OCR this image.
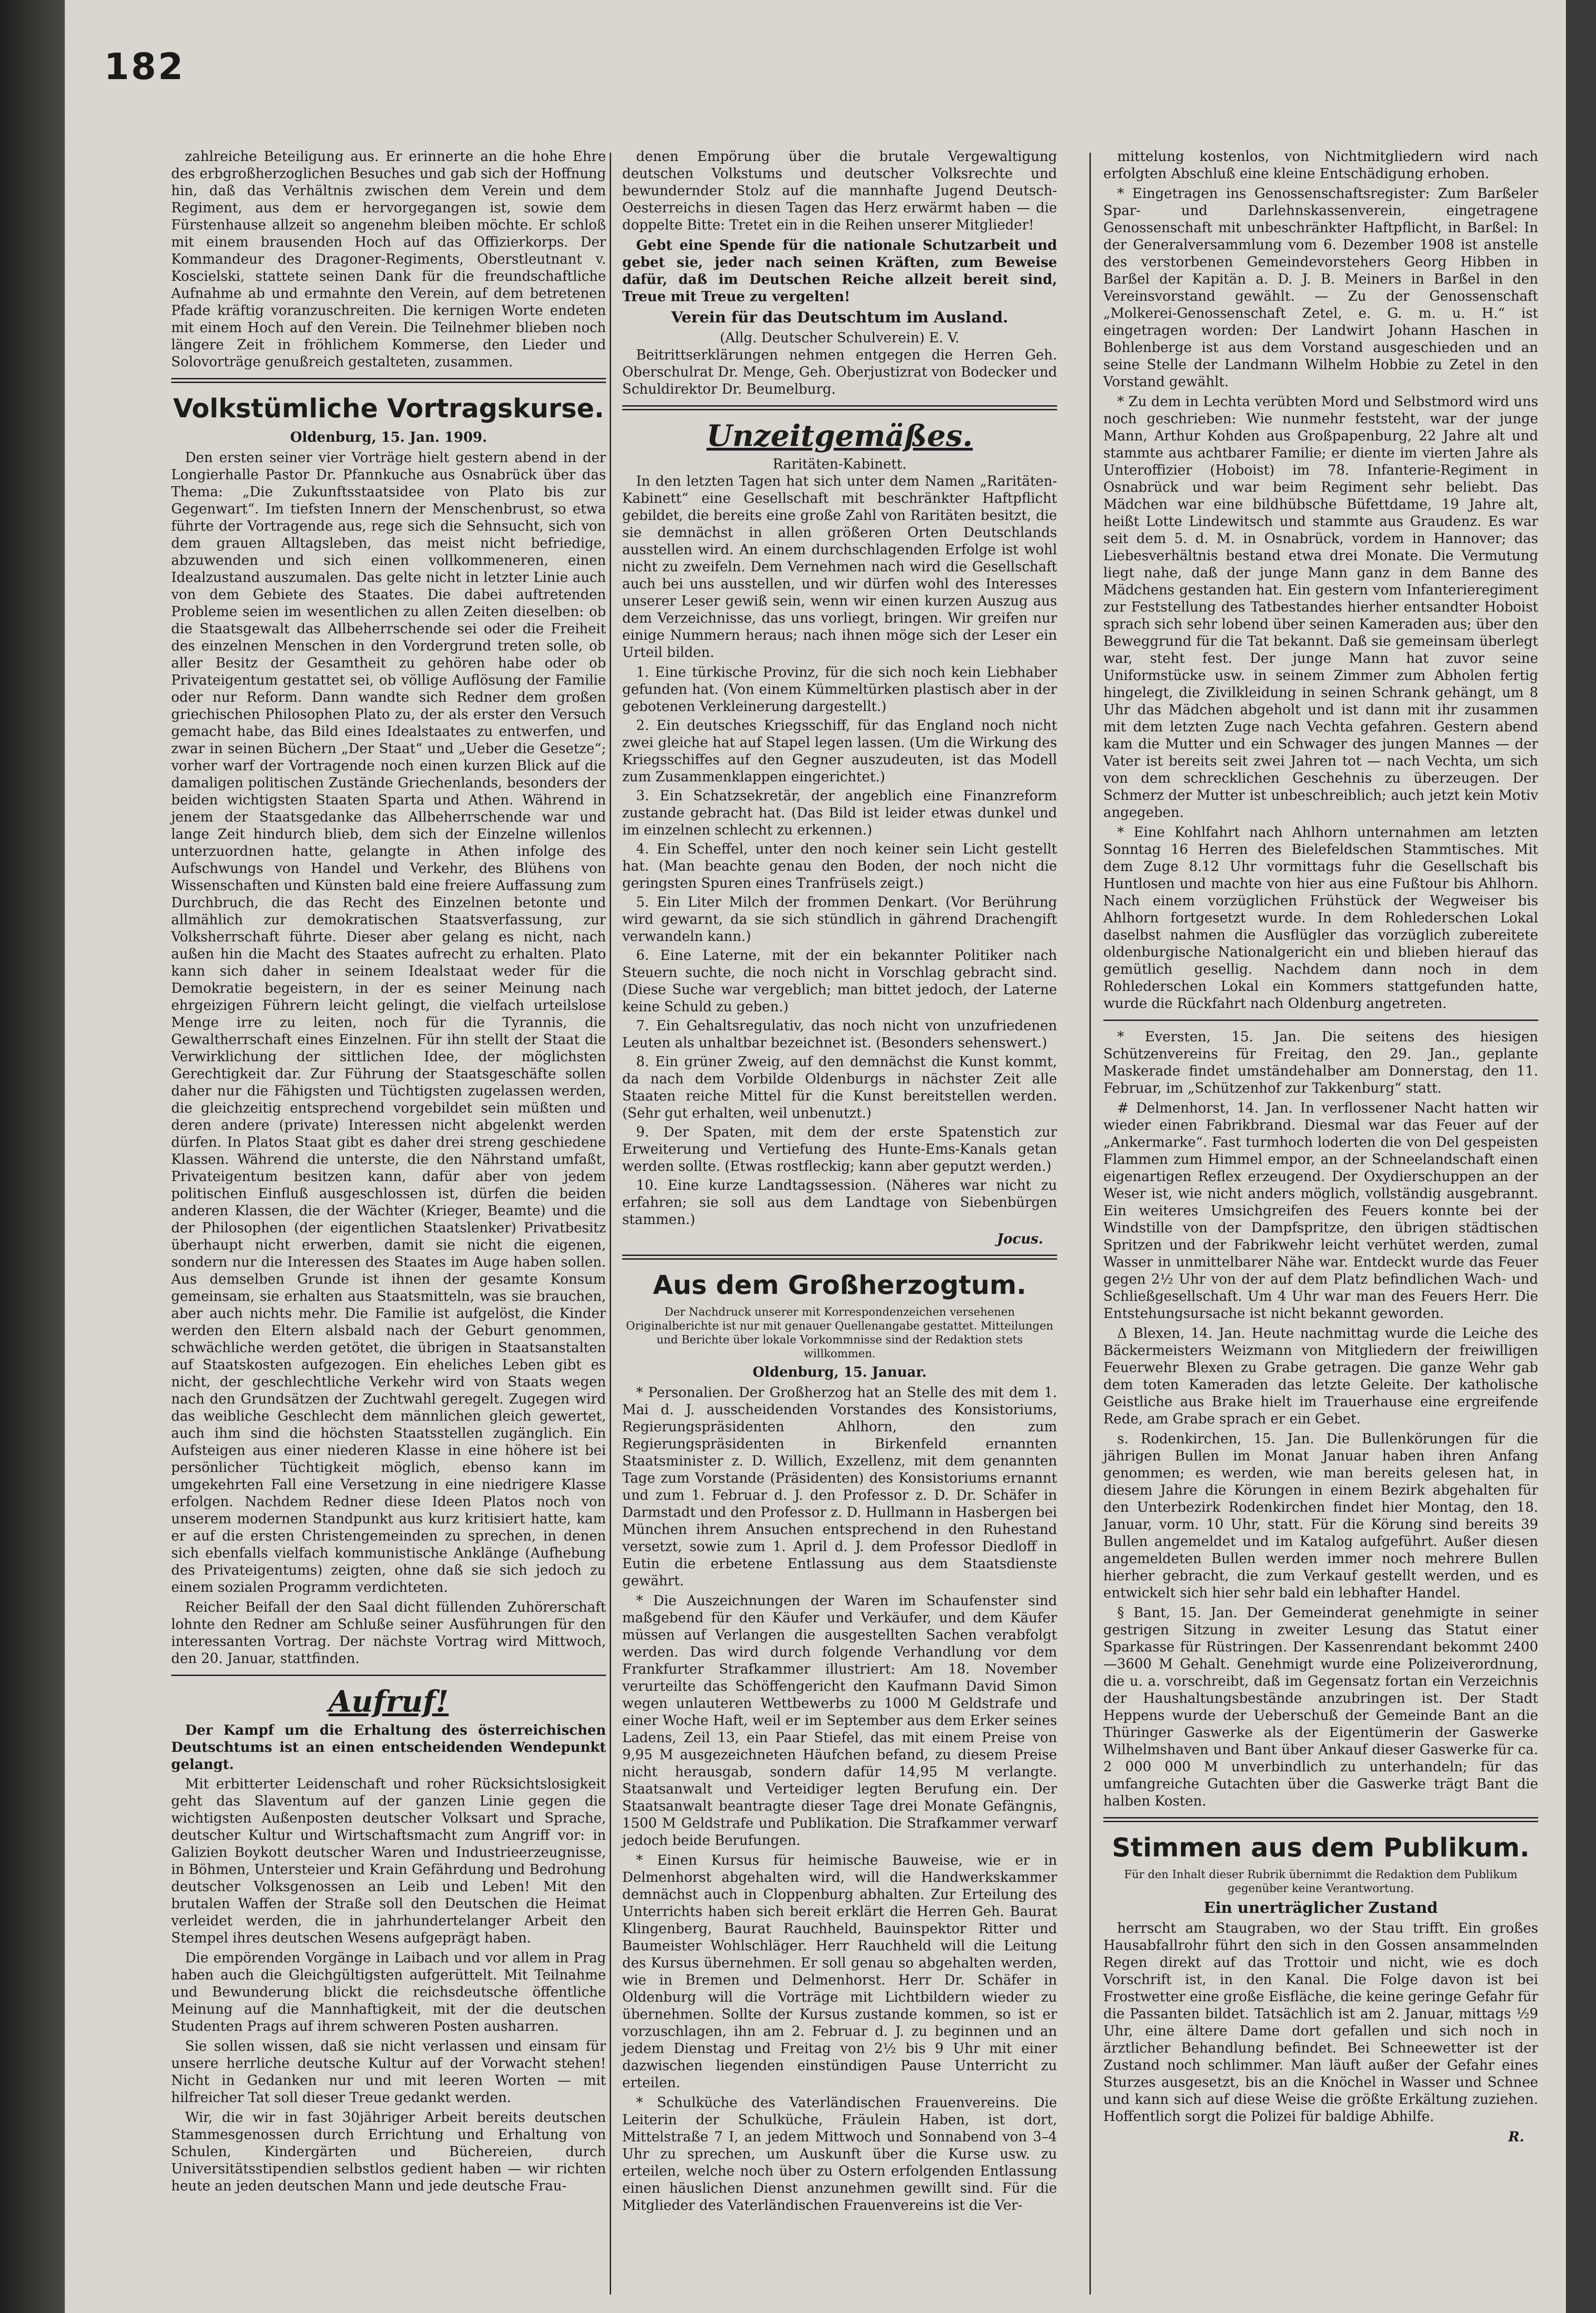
182

zahlreiche Beteiligung aus. Er erinnerte an die hohe Ehre des erbgroßherzoglichen Besuches und gab sich der Hoffnung hin, daß das Verhältnis zwischen dem Verein und dem Regiment, aus dem er hervorgegangen ist, sowie dem Fürstenhause allzeit so angenehm bleiben möchte. Er schloß mit einem brausenden Hoch auf das Offizierkorps. Der Kommandeur des Dragoner-Regiments, Oberstleutnant v. Koscielski, stattete seinen Dank für die freundschaftliche Aufnahme ab und ermahnte den Verein, auf dem betretenen Pfade kräftig voranzuschreiten. Die kernigen Worte endeten mit einem Hoch auf den Verein. Die Teilnehmer blieben noch längere Zeit in fröhlichem Kommerse, den Lieder und Solovorträge genußreich gestalteten, zusammen.

Volkstümliche Vortragskurse.
Oldenburg, 15. Jan. 1909.

Den ersten seiner vier Vorträge hielt gestern abend in der Longierhalle Pastor Dr. Pfannkuche aus Osnabrück über das Thema: „Die Zukunftsstaatsidee von Plato bis zur Gegenwart“. Im tiefsten Innern der Menschenbrust, so etwa führte der Vortragende aus, rege sich die Sehnsucht, sich von dem grauen Alltagsleben, das meist nicht befriedige, abzuwenden und sich einen vollkommeneren, einen Idealzustand auszumalen. Das gelte nicht in letzter Linie auch von dem Gebiete des Staates. Die dabei auftretenden Probleme seien im wesentlichen zu allen Zeiten dieselben: ob die Staatsgewalt das Allbeherrschende sei oder die Freiheit des einzelnen Menschen in den Vordergrund treten solle, ob aller Besitz der Gesamtheit zu gehören habe oder ob Privateigentum gestattet sei, ob völlige Auflösung der Familie oder nur Reform. Dann wandte sich Redner dem großen griechischen Philosophen Plato zu, der als erster den Versuch gemacht habe, das Bild eines Idealstaates zu entwerfen, und zwar in seinen Büchern „Der Staat“ und „Ueber die Gesetze“; vorher warf der Vortragende noch einen kurzen Blick auf die damaligen politischen Zustände Griechenlands, besonders der beiden wichtigsten Staaten Sparta und Athen. Während in jenem der Staatsgedanke das Allbeherrschende war und lange Zeit hindurch blieb, dem sich der Einzelne willenlos unterzuordnen hatte, gelangte in Athen infolge des Aufschwungs von Handel und Verkehr, des Blühens von Wissenschaften und Künsten bald eine freiere Auffassung zum Durchbruch, die das Recht des Einzelnen betonte und allmählich zur demokratischen Staatsverfassung, zur Volksherrschaft führte. Dieser aber gelang es nicht, nach außen hin die Macht des Staates aufrecht zu erhalten. Plato kann sich daher in seinem Idealstaat weder für die Demokratie begeistern, in der es seiner Meinung nach ehrgeizigen Führern leicht gelingt, die vielfach urteilslose Menge irre zu leiten, noch für die Tyrannis, die Gewaltherrschaft eines Einzelnen. Für ihn stellt der Staat die Verwirklichung der sittlichen Idee, der möglichsten Gerechtigkeit dar. Zur Führung der Staatsgeschäfte sollen daher nur die Fähigsten und Tüchtigsten zugelassen werden, die gleichzeitig entsprechend vorgebildet sein müßten und deren andere (private) Interessen nicht abgelenkt werden dürfen. In Platos Staat gibt es daher drei streng geschiedene Klassen. Während die unterste, die den Nährstand umfaßt, Privateigentum besitzen kann, dafür aber von jedem politischen Einfluß ausgeschlossen ist, dürfen die beiden anderen Klassen, die der Wächter (Krieger, Beamte) und die der Philosophen (der eigentlichen Staatslenker) Privatbesitz überhaupt nicht erwerben, damit sie nicht die eigenen, sondern nur die Interessen des Staates im Auge haben sollen. Aus demselben Grunde ist ihnen der gesamte Konsum gemeinsam, sie erhalten aus Staatsmitteln, was sie brauchen, aber auch nichts mehr. Die Familie ist aufgelöst, die Kinder werden den Eltern alsbald nach der Geburt genommen, schwächliche werden getötet, die übrigen in Staatsanstalten auf Staatskosten aufgezogen. Ein eheliches Leben gibt es nicht, der geschlechtliche Verkehr wird von Staats wegen nach den Grundsätzen der Zuchtwahl geregelt. Zugegen wird das weibliche Geschlecht dem männlichen gleich gewertet, auch ihm sind die höchsten Staatsstellen zugänglich. Ein Aufsteigen aus einer niederen Klasse in eine höhere ist bei persönlicher Tüchtigkeit möglich, ebenso kann im umgekehrten Fall eine Versetzung in eine niedrigere Klasse erfolgen. Nachdem Redner diese Ideen Platos noch von unserem modernen Standpunkt aus kurz kritisiert hatte, kam er auf die ersten Christengemeinden zu sprechen, in denen sich ebenfalls vielfach kommunistische Anklänge (Aufhebung des Privateigentums) zeigten, ohne daß sie sich jedoch zu einem sozialen Programm verdichteten.

Reicher Beifall der den Saal dicht füllenden Zuhörerschaft lohnte den Redner am Schluße seiner Ausführungen für den interessanten Vortrag. Der nächste Vortrag wird Mittwoch, den 20. Januar, stattfinden.

Aufruf!

Der Kampf um die Erhaltung des österreichischen Deutschtums ist an einen entscheidenden Wendepunkt gelangt.

Mit erbitterter Leidenschaft und roher Rücksichtslosigkeit geht das Slaventum auf der ganzen Linie gegen die wichtigsten Außenposten deutscher Volksart und Sprache, deutscher Kultur und Wirtschaftsmacht zum Angriff vor: in Galizien Boykott deutscher Waren und Industrieerzeugnisse, in Böhmen, Untersteier und Krain Gefährdung und Bedrohung deutscher Volksgenossen an Leib und Leben! Mit den brutalen Waffen der Straße soll den Deutschen die Heimat verleidet werden, die in jahrhundertelanger Arbeit den Stempel ihres deutschen Wesens aufgeprägt haben.

Die empörenden Vorgänge in Laibach und vor allem in Prag haben auch die Gleichgültigsten aufgerüttelt. Mit Teilnahme und Bewunderung blickt die reichsdeutsche öffentliche Meinung auf die Mannhaftigkeit, mit der die deutschen Studenten Prags auf ihrem schweren Posten ausharren.

Sie sollen wissen, daß sie nicht verlassen und einsam für unsere herrliche deutsche Kultur auf der Vorwacht stehen! Nicht in Gedanken nur und mit leeren Worten — mit hilfreicher Tat soll dieser Treue gedankt werden.

Wir, die wir in fast 30jähriger Arbeit bereits deutschen Stammesgenossen durch Errichtung und Erhaltung von Schulen, Kindergärten und Büchereien, durch Universitätsstipendien selbstlos gedient haben — wir richten heute an jeden deutschen Mann und jede deutsche Frau-

denen Empörung über die brutale Vergewaltigung deutschen Volkstums und deutscher Volksrechte und bewundernder Stolz auf die mannhafte Jugend Deutsch-Oesterreichs in diesen Tagen das Herz erwärmt haben — die doppelte Bitte: Tretet ein in die Reihen unserer Mitglieder!

Gebt eine Spende für die nationale Schutzarbeit und gebet sie, jeder nach seinen Kräften, zum Beweise dafür, daß im Deutschen Reiche allzeit bereit sind, Treue mit Treue zu vergelten!

Verein für das Deutschtum im Ausland.
(Allg. Deutscher Schulverein) E. V.

Beitrittserklärungen nehmen entgegen die Herren Geh. Oberschulrat Dr. Menge, Geh. Oberjustizrat von Bodecker und Schuldirektor Dr. Beumelburg.

Unzeitgemäßes.
Raritäten-Kabinett.

In den letzten Tagen hat sich unter dem Namen „Raritäten-Kabinett“ eine Gesellschaft mit beschränkter Haftpflicht gebildet, die bereits eine große Zahl von Raritäten besitzt, die sie demnächst in allen größeren Orten Deutschlands ausstellen wird. An einem durchschlagenden Erfolge ist wohl nicht zu zweifeln. Dem Vernehmen nach wird die Gesellschaft auch bei uns ausstellen, und wir dürfen wohl des Interesses unserer Leser gewiß sein, wenn wir einen kurzen Auszug aus dem Verzeichnisse, das uns vorliegt, bringen. Wir greifen nur einige Nummern heraus; nach ihnen möge sich der Leser ein Urteil bilden.

1. Eine türkische Provinz, für die sich noch kein Liebhaber gefunden hat. (Von einem Kümmeltürken plastisch aber in der gebotenen Verkleinerung dargestellt.)

2. Ein deutsches Kriegsschiff, für das England noch nicht zwei gleiche hat auf Stapel legen lassen. (Um die Wirkung des Kriegsschiffes auf den Gegner auszudeuten, ist das Modell zum Zusammenklappen eingerichtet.)

3. Ein Schatzsekretär, der angeblich eine Finanzreform zustande gebracht hat. (Das Bild ist leider etwas dunkel und im einzelnen schlecht zu erkennen.)

4. Ein Scheffel, unter den noch keiner sein Licht gestellt hat. (Man beachte genau den Boden, der noch nicht die geringsten Spuren eines Tranfrüsels zeigt.)

5. Ein Liter Milch der frommen Denkart. (Vor Berührung wird gewarnt, da sie sich stündlich in gährend Drachengift verwandeln kann.)

6. Eine Laterne, mit der ein bekannter Politiker nach Steuern suchte, die noch nicht in Vorschlag gebracht sind. (Diese Suche war vergeblich; man bittet jedoch, der Laterne keine Schuld zu geben.)

7. Ein Gehaltsregulativ, das noch nicht von unzufriedenen Leuten als unhaltbar bezeichnet ist. (Besonders sehenswert.)

8. Ein grüner Zweig, auf den demnächst die Kunst kommt, da nach dem Vorbilde Oldenburgs in nächster Zeit alle Staaten reiche Mittel für die Kunst bereitstellen werden. (Sehr gut erhalten, weil unbenutzt.)

9. Der Spaten, mit dem der erste Spatenstich zur Erweiterung und Vertiefung des Hunte-Ems-Kanals getan werden sollte. (Etwas rostfleckig; kann aber geputzt werden.)

10. Eine kurze Landtagssession. (Näheres war nicht zu erfahren; sie soll aus dem Landtage von Siebenbürgen stammen.)

Jocus.
Aus dem Großherzogtum.

Der Nachdruck unserer mit Korrespondenzeichen versehenen Originalberichte ist nur mit genauer Quellenangabe gestattet. Mitteilungen und Berichte über lokale Vorkommnisse sind der Redaktion stets willkommen.

Oldenburg, 15. Januar.

* Personalien. Der Großherzog hat an Stelle des mit dem 1. Mai d. J. ausscheidenden Vorstandes des Konsistoriums, Regierungspräsidenten Ahlhorn, den zum Regierungspräsidenten in Birkenfeld ernannten Staatsminister z. D. Willich, Exzellenz, mit dem genannten Tage zum Vorstande (Präsidenten) des Konsistoriums ernannt und zum 1. Februar d. J. den Professor z. D. Dr. Schäfer in Darmstadt und den Professor z. D. Hullmann in Hasbergen bei München ihrem Ansuchen entsprechend in den Ruhestand versetzt, sowie zum 1. April d. J. dem Professor Diedloff in Eutin die erbetene Entlassung aus dem Staatsdienste gewährt.

* Die Auszeichnungen der Waren im Schaufenster sind maßgebend für den Käufer und Verkäufer, und dem Käufer müssen auf Verlangen die ausgestellten Sachen verabfolgt werden. Das wird durch folgende Verhandlung vor dem Frankfurter Strafkammer illustriert: Am 18. November verurteilte das Schöffengericht den Kaufmann David Simon wegen unlauteren Wettbewerbs zu 1000 M Geldstrafe und einer Woche Haft, weil er im September aus dem Erker seines Ladens, Zeil 13, ein Paar Stiefel, das mit einem Preise von 9,95 M ausgezeichneten Häufchen befand, zu diesem Preise nicht herausgab, sondern dafür 14,95 M verlangte. Staatsanwalt und Verteidiger legten Berufung ein. Der Staatsanwalt beantragte dieser Tage drei Monate Gefängnis, 1500 M Geldstrafe und Publikation. Die Strafkammer verwarf jedoch beide Berufungen.

* Einen Kursus für heimische Bauweise, wie er in Delmenhorst abgehalten wird, will die Handwerkskammer demnächst auch in Cloppenburg abhalten. Zur Erteilung des Unterrichts haben sich bereit erklärt die Herren Geh. Baurat Klingenberg, Baurat Rauchheld, Bauinspektor Ritter und Baumeister Wohlschläger. Herr Rauchheld will die Leitung des Kursus übernehmen. Er soll genau so abgehalten werden, wie in Bremen und Delmenhorst. Herr Dr. Schäfer in Oldenburg will die Vorträge mit Lichtbildern wieder zu übernehmen. Sollte der Kursus zustande kommen, so ist er vorzuschlagen, ihn am 2. Februar d. J. zu beginnen und an jedem Dienstag und Freitag von 2½ bis 9 Uhr mit einer dazwischen liegenden einstündigen Pause Unterricht zu erteilen.

* Schulküche des Vaterländischen Frauenvereins. Die Leiterin der Schulküche, Fräulein Haben, ist dort, Mittelstraße 7 I, an jedem Mittwoch und Sonnabend von 3–4 Uhr zu sprechen, um Auskunft über die Kurse usw. zu erteilen, welche noch über zu Ostern erfolgenden Entlassung einen häuslichen Dienst anzunehmen gewillt sind. Für die Mitglieder des Vaterländischen Frauenvereins ist die Ver-

mittelung kostenlos, von Nichtmitgliedern wird nach erfolgten Abschluß eine kleine Entschädigung erhoben.

* Eingetragen ins Genossenschaftsregister: Zum Barßeler Spar- und Darlehnskassenverein, eingetragene Genossenschaft mit unbeschränkter Haftpflicht, in Barßel: In der Generalversammlung vom 6. Dezember 1908 ist anstelle des verstorbenen Gemeindevorstehers Georg Hibben in Barßel der Kapitän a. D. J. B. Meiners in Barßel in den Vereinsvorstand gewählt. — Zu der Genossenschaft „Molkerei-Genossenschaft Zetel, e. G. m. u. H.“ ist eingetragen worden: Der Landwirt Johann Haschen in Bohlenberge ist aus dem Vorstand ausgeschieden und an seine Stelle der Landmann Wilhelm Hobbie zu Zetel in den Vorstand gewählt.

* Zu dem in Lechta verübten Mord und Selbstmord wird uns noch geschrieben: Wie nunmehr feststeht, war der junge Mann, Arthur Kohden aus Großpapenburg, 22 Jahre alt und stammte aus achtbarer Familie; er diente im vierten Jahre als Unteroffizier (Hoboist) im 78. Infanterie-Regiment in Osnabrück und war beim Regiment sehr beliebt. Das Mädchen war eine bildhübsche Büfettdame, 19 Jahre alt, heißt Lotte Lindewitsch und stammte aus Graudenz. Es war seit dem 5. d. M. in Osnabrück, vordem in Hannover; das Liebesverhältnis bestand etwa drei Monate. Die Vermutung liegt nahe, daß der junge Mann ganz in dem Banne des Mädchens gestanden hat. Ein gestern vom Infanterieregiment zur Feststellung des Tatbestandes hierher entsandter Hoboist sprach sich sehr lobend über seinen Kameraden aus; über den Beweggrund für die Tat bekannt. Daß sie gemeinsam überlegt war, steht fest. Der junge Mann hat zuvor seine Uniformstücke usw. in seinem Zimmer zum Abholen fertig hingelegt, die Zivilkleidung in seinen Schrank gehängt, um 8 Uhr das Mädchen abgeholt und ist dann mit ihr zusammen mit dem letzten Zuge nach Vechta gefahren. Gestern abend kam die Mutter und ein Schwager des jungen Mannes — der Vater ist bereits seit zwei Jahren tot — nach Vechta, um sich von dem schrecklichen Geschehnis zu überzeugen. Der Schmerz der Mutter ist unbeschreiblich; auch jetzt kein Motiv angegeben.

* Eine Kohlfahrt nach Ahlhorn unternahmen am letzten Sonntag 16 Herren des Bielefeldschen Stammtisches. Mit dem Zuge 8.12 Uhr vormittags fuhr die Gesellschaft bis Huntlosen und machte von hier aus eine Fußtour bis Ahlhorn. Nach einem vorzüglichen Frühstück der Wegweiser bis Ahlhorn fortgesetzt wurde. In dem Rohlederschen Lokal daselbst nahmen die Ausflügler das vorzüglich zubereitete oldenburgische Nationalgericht ein und blieben hierauf das gemütlich gesellig. Nachdem dann noch in dem Rohlederschen Lokal ein Kommers stattgefunden hatte, wurde die Rückfahrt nach Oldenburg angetreten.

* Eversten, 15. Jan. Die seitens des hiesigen Schützenvereins für Freitag, den 29. Jan., geplante Maskerade findet umständehalber am Donnerstag, den 11. Februar, im „Schützenhof zur Takkenburg“ statt.

# Delmenhorst, 14. Jan. In verflossener Nacht hatten wir wieder einen Fabrikbrand. Diesmal war das Feuer auf der „Ankermarke“. Fast turmhoch loderten die von Del gespeisten Flammen zum Himmel empor, an der Schneelandschaft einen eigenartigen Reflex erzeugend. Der Oxydierschuppen an der Weser ist, wie nicht anders möglich, vollständig ausgebrannt. Ein weiteres Umsichgreifen des Feuers konnte bei der Windstille von der Dampfspritze, den übrigen städtischen Spritzen und der Fabrikwehr leicht verhütet werden, zumal Wasser in unmittelbarer Nähe war. Entdeckt wurde das Feuer gegen 2½ Uhr von der auf dem Platz befindlichen Wach- und Schließgesellschaft. Um 4 Uhr war man des Feuers Herr. Die Entstehungsursache ist nicht bekannt geworden.

Δ Blexen, 14. Jan. Heute nachmittag wurde die Leiche des Bäckermeisters Weizmann von Mitgliedern der freiwilligen Feuerwehr Blexen zu Grabe getragen. Die ganze Wehr gab dem toten Kameraden das letzte Geleite. Der katholische Geistliche aus Brake hielt im Trauerhause eine ergreifende Rede, am Grabe sprach er ein Gebet.

s. Rodenkirchen, 15. Jan. Die Bullenkörungen für die jährigen Bullen im Monat Januar haben ihren Anfang genommen; es werden, wie man bereits gelesen hat, in diesem Jahre die Körungen in einem Bezirk abgehalten für den Unterbezirk Rodenkirchen findet hier Montag, den 18. Januar, vorm. 10 Uhr, statt. Für die Körung sind bereits 39 Bullen angemeldet und im Katalog aufgeführt. Außer diesen angemeldeten Bullen werden immer noch mehrere Bullen hierher gebracht, die zum Verkauf gestellt werden, und es entwickelt sich hier sehr bald ein lebhafter Handel.

§ Bant, 15. Jan. Der Gemeinderat genehmigte in seiner gestrigen Sitzung in zweiter Lesung das Statut einer Sparkasse für Rüstringen. Der Kassenrendant bekommt 2400—3600 M Gehalt. Genehmigt wurde eine Polizeiverordnung, die u. a. vorschreibt, daß im Gegensatz fortan ein Verzeichnis der Haushaltungsbestände anzubringen ist. Der Stadt Heppens wurde der Ueberschuß der Gemeinde Bant an die Thüringer Gaswerke als der Eigentümerin der Gaswerke Wilhelmshaven und Bant über Ankauf dieser Gaswerke für ca. 2 000 000 M unverbindlich zu unterhandeln; für das umfangreiche Gutachten über die Gaswerke trägt Bant die halben Kosten.

Stimmen aus dem Publikum.

Für den Inhalt dieser Rubrik übernimmt die Redaktion dem Publikum gegenüber keine Verantwortung.

Ein unerträglicher Zustand

herrscht am Staugraben, wo der Stau trifft. Ein großes Hausabfallrohr führt den sich in den Gossen ansammelnden Regen direkt auf das Trottoir und nicht, wie es doch Vorschrift ist, in den Kanal. Die Folge davon ist bei Frostwetter eine große Eisfläche, die keine geringe Gefahr für die Passanten bildet. Tatsächlich ist am 2. Januar, mittags ½9 Uhr, eine ältere Dame dort gefallen und sich noch in ärztlicher Behandlung befindet. Bei Schneewetter ist der Zustand noch schlimmer. Man läuft außer der Gefahr eines Sturzes ausgesetzt, bis an die Knöchel in Wasser und Schnee und kann sich auf diese Weise die größte Erkältung zuziehen. Hoffentlich sorgt die Polizei für baldige Abhilfe.

R.
